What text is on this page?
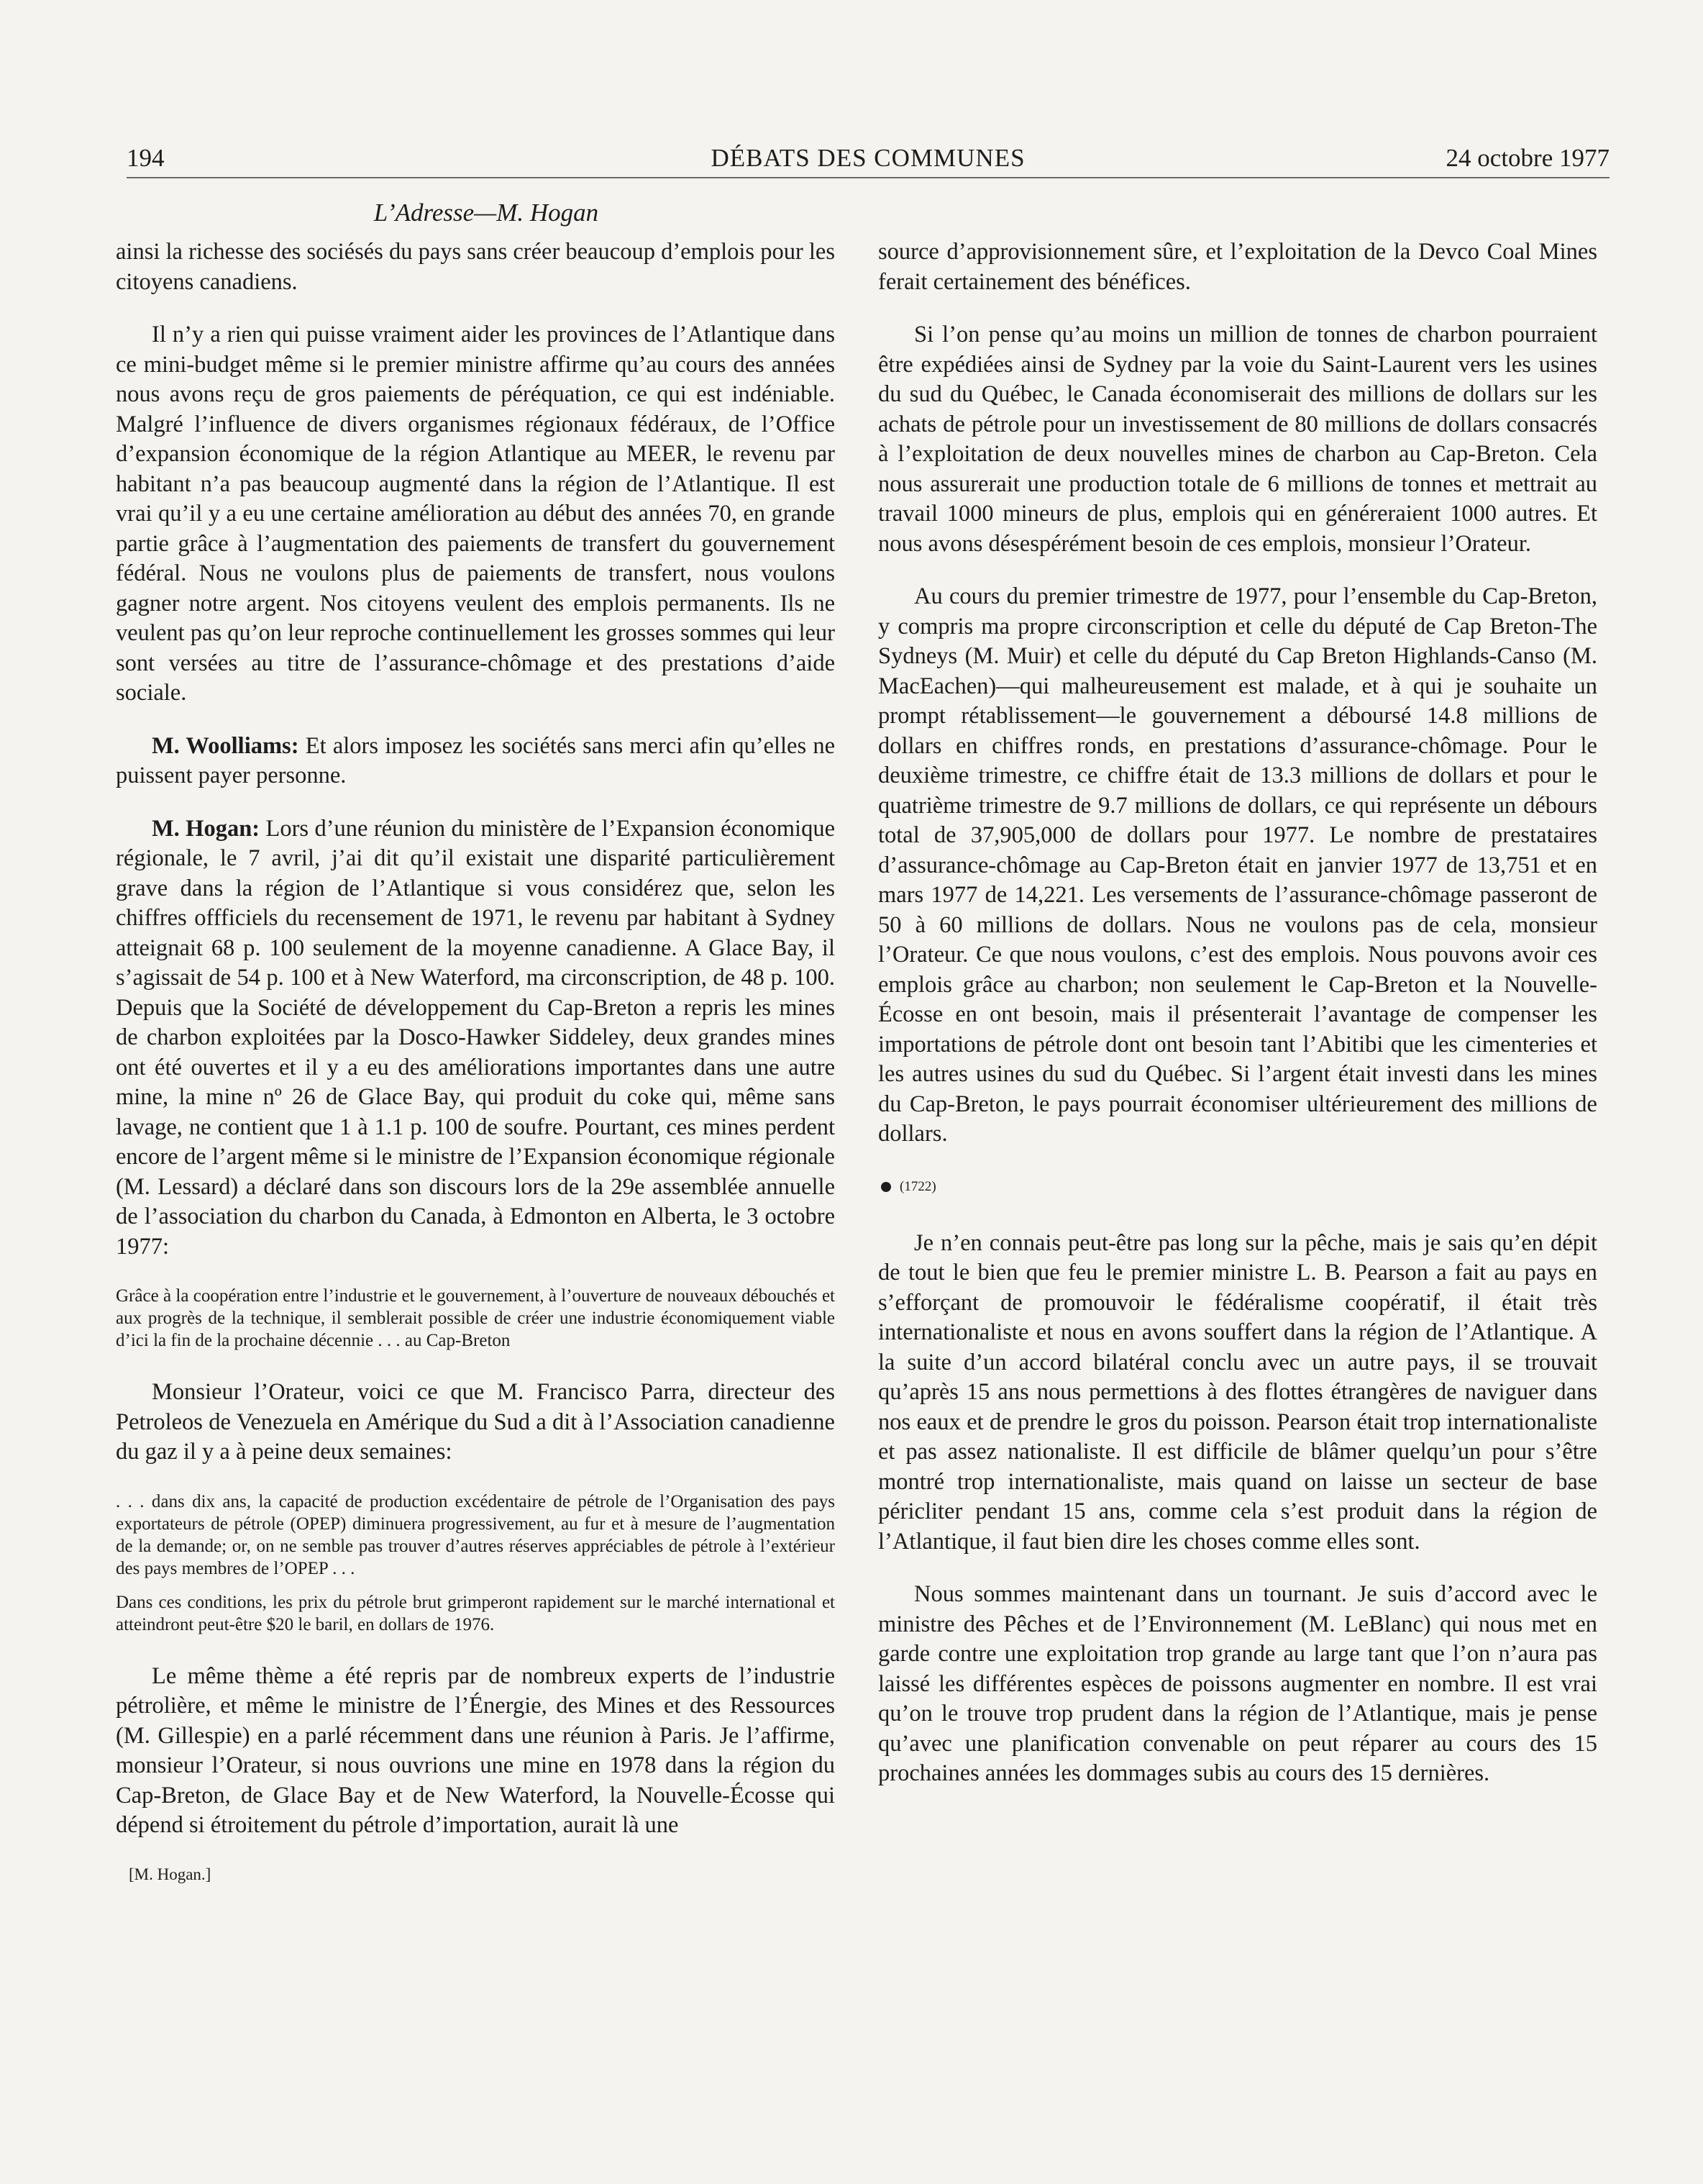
194	DÉBATS DES COMMUNES	24 octobre 1977
L’Adresse—M. Hogan

ainsi la richesse des sociésés du pays sans créer beaucoup d’emplois pour les citoyens canadiens.

Il n’y a rien qui puisse vraiment aider les provinces de l’Atlantique dans ce mini-budget même si le premier ministre affirme qu’au cours des années nous avons reçu de gros paiements de péréquation, ce qui est indéniable. Malgré l’influence de divers organismes régionaux fédéraux, de l’Office d’expansion économique de la région Atlantique au MEER, le revenu par habitant n’a pas beaucoup augmenté dans la région de l’Atlantique. Il est vrai qu’il y a eu une certaine amélioration au début des années 70, en grande partie grâce à l’augmentation des paiements de transfert du gouvernement fédéral. Nous ne voulons plus de paiements de transfert, nous voulons gagner notre argent. Nos citoyens veulent des emplois permanents. Ils ne veulent pas qu’on leur reproche continuellement les grosses sommes qui leur sont versées au titre de l’assurance-chômage et des prestations d’aide sociale.

M. Woolliams: Et alors imposez les sociétés sans merci afin qu’elles ne puissent payer personne.

M. Hogan: Lors d’une réunion du ministère de l’Expansion économique régionale, le 7 avril, j’ai dit qu’il existait une disparité particulièrement grave dans la région de l’Atlantique si vous considérez que, selon les chiffres offficiels du recensement de 1971, le revenu par habitant à Sydney atteignait 68 p. 100 seulement de la moyenne canadienne. A Glace Bay, il s’agissait de 54 p. 100 et à New Waterford, ma circonscription, de 48 p. 100. Depuis que la Société de développement du Cap-Breton a repris les mines de charbon exploitées par la Dosco-Hawker Siddeley, deux grandes mines ont été ouvertes et il y a eu des améliorations importantes dans une autre mine, la mine nº 26 de Glace Bay, qui produit du coke qui, même sans lavage, ne contient que 1 à 1.1 p. 100 de soufre. Pourtant, ces mines perdent encore de l’argent même si le ministre de l’Expansion économique régionale (M. Lessard) a déclaré dans son discours lors de la 29e assemblée annuelle de l’association du charbon du Canada, à Edmonton en Alberta, le 3 octobre 1977:

Grâce à la coopération entre l’industrie et le gouvernement, à l’ouverture de nouveaux débouchés et aux progrès de la technique, il semblerait possible de créer une industrie économiquement viable d’ici la fin de la prochaine décennie . . . au Cap-Breton

Monsieur l’Orateur, voici ce que M. Francisco Parra, directeur des Petroleos de Venezuela en Amérique du Sud a dit à l’Association canadienne du gaz il y a à peine deux semaines:

. . . dans dix ans, la capacité de production excédentaire de pétrole de l’Organisation des pays exportateurs de pétrole (OPEP) diminuera progressivement, au fur et à mesure de l’augmentation de la demande; or, on ne semble pas trouver d’autres réserves appréciables de pétrole à l’extérieur des pays membres de l’OPEP . . .
Dans ces conditions, les prix du pétrole brut grimperont rapidement sur le marché international et atteindront peut-être $20 le baril, en dollars de 1976.

Le même thème a été repris par de nombreux experts de l’industrie pétrolière, et même le ministre de l’Énergie, des Mines et des Ressources (M. Gillespie) en a parlé récemment dans une réunion à Paris. Je l’affirme, monsieur l’Orateur, si nous ouvrions une mine en 1978 dans la région du Cap-Breton, de Glace Bay et de New Waterford, la Nouvelle-Écosse qui dépend si étroitement du pétrole d’importation, aurait là une

[M. Hogan.]

source d’approvisionnement sûre, et l’exploitation de la Devco Coal Mines ferait certainement des bénéfices.

Si l’on pense qu’au moins un million de tonnes de charbon pourraient être expédiées ainsi de Sydney par la voie du Saint-Laurent vers les usines du sud du Québec, le Canada économiserait des millions de dollars sur les achats de pétrole pour un investissement de 80 millions de dollars consacrés à l’exploitation de deux nouvelles mines de charbon au Cap-Breton. Cela nous assurerait une production totale de 6 millions de tonnes et mettrait au travail 1000 mineurs de plus, emplois qui en généreraient 1000 autres. Et nous avons désespérément besoin de ces emplois, monsieur l’Orateur.

Au cours du premier trimestre de 1977, pour l’ensemble du Cap-Breton, y compris ma propre circonscription et celle du député de Cap Breton-The Sydneys (M. Muir) et celle du député du Cap Breton Highlands-Canso (M. MacEachen)—qui malheureusement est malade, et à qui je souhaite un prompt rétablissement—le gouvernement a déboursé 14.8 millions de dollars en chiffres ronds, en prestations d’assurance-chômage. Pour le deuxième trimestre, ce chiffre était de 13.3 millions de dollars et pour le quatrième trimestre de 9.7 millions de dollars, ce qui représente un débours total de 37,905,000 de dollars pour 1977. Le nombre de prestataires d’assurance-chômage au Cap-Breton était en janvier 1977 de 13,751 et en mars 1977 de 14,221. Les versements de l’assurance-chômage passeront de 50 à 60 millions de dollars. Nous ne voulons pas de cela, monsieur l’Orateur. Ce que nous voulons, c’est des emplois. Nous pouvons avoir ces emplois grâce au charbon; non seulement le Cap-Breton et la Nouvelle-Écosse en ont besoin, mais il présenterait l’avantage de compenser les importations de pétrole dont ont besoin tant l’Abitibi que les cimenteries et les autres usines du sud du Québec. Si l’argent était investi dans les mines du Cap-Breton, le pays pourrait économiser ultérieurement des millions de dollars.

(1722)

Je n’en connais peut-être pas long sur la pêche, mais je sais qu’en dépit de tout le bien que feu le premier ministre L. B. Pearson a fait au pays en s’efforçant de promouvoir le fédéralisme coopératif, il était très internationaliste et nous en avons souffert dans la région de l’Atlantique. A la suite d’un accord bilatéral conclu avec un autre pays, il se trouvait qu’après 15 ans nous permettions à des flottes étrangères de naviguer dans nos eaux et de prendre le gros du poisson. Pearson était trop internationaliste et pas assez nationaliste. Il est difficile de blâmer quelqu’un pour s’être montré trop internationaliste, mais quand on laisse un secteur de base péricliter pendant 15 ans, comme cela s’est produit dans la région de l’Atlantique, il faut bien dire les choses comme elles sont.

Nous sommes maintenant dans un tournant. Je suis d’accord avec le ministre des Pêches et de l’Environnement (M. LeBlanc) qui nous met en garde contre une exploitation trop grande au large tant que l’on n’aura pas laissé les différentes espèces de poissons augmenter en nombre. Il est vrai qu’on le trouve trop prudent dans la région de l’Atlantique, mais je pense qu’avec une planification convenable on peut réparer au cours des 15 prochaines années les dommages subis au cours des 15 dernières.
